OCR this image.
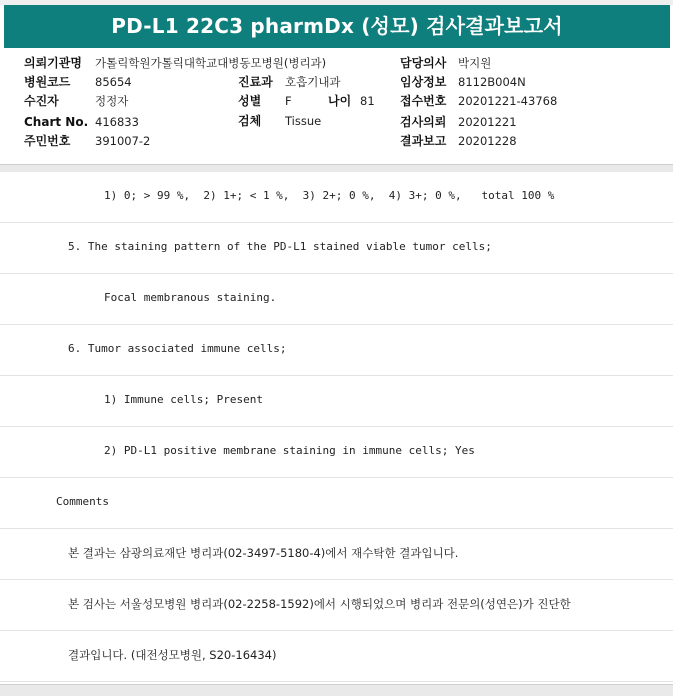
PD-L1 22C3 pharmDx (성모) 검사결과보고서
의뢰기관명 가톨릭학원가톨릭대학교대병동모병원(병리과)
병원코드 85654
수진자	정정자
Chart No. 416833
주민번호 391007-2
진료과 호흡기내과
성별 F	나이 81
검체 Tissue
담당의사 박지원
임상정보 8112B004N
접수번호 20201221-43768
검사의뢰 20201221
결과보고 20201228
1) 0; > 99 %,  2) 1+; < 1 %,  3) 2+; 0 %,  4) 3+; 0 %,   total 100 %
5. The staining pattern of the PD-L1 stained viable tumor cells;
Focal membranous staining.
6. Tumor associated immune cells;
1) Immune cells; Present
2) PD-L1 positive membrane staining in immune cells; Yes
Comments
본 결과는 삼광의료재단 병리과(02-3497-5180-4)에서 재수탁한 결과입니다.
본 검사는 서울성모병원 병리과(02-2258-1592)에서 시행되었으며 병리과 전문의(성연은)가 진단한
결과입니다. (대전성모병원, S20-16434)
